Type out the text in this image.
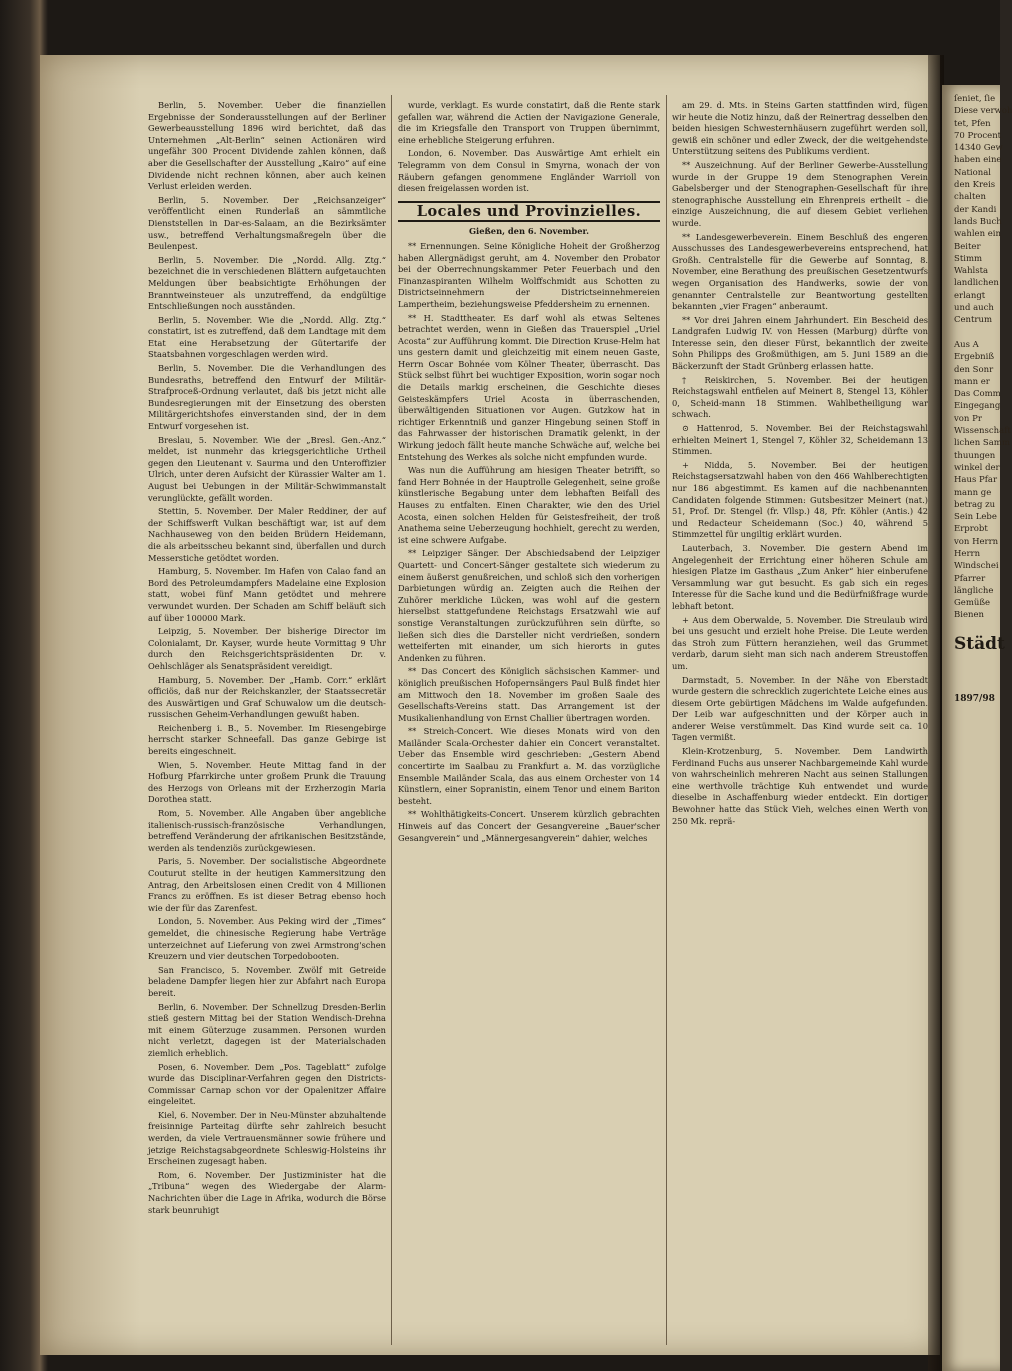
Berlin, 5. November. Ueber die finanziellen Ergebnisse der Sonderausstellungen auf der Berliner Gewerbeausstellung 1896 wird berichtet, daß das Unternehmen „Alt-Berlin“ seinen Actionären wird ungefähr 300 Procent Dividende zahlen können, daß aber die Gesellschafter der Ausstellung „Kairo“ auf eine Dividende nicht rechnen können, aber auch keinen Verlust erleiden werden.

Berlin, 5. November. Der „Reichsanzeiger“ veröffentlicht einen Runderlaß an sämmtliche Dienststellen in Dar-es-Salaam, an die Bezirksämter usw., betreffend Verhaltungsmaßregeln über die Beulenpest.

Berlin, 5. November. Die „Nordd. Allg. Ztg.“ bezeichnet die in verschiedenen Blättern aufgetauchten Meldungen über beabsichtigte Erhöhungen der Branntweinsteuer als unzutreffend, da endgültige Entschließungen noch ausständen.

Berlin, 5. November. Wie die „Nordd. Allg. Ztg.“ constatirt, ist es zutreffend, daß dem Landtage mit dem Etat eine Herabsetzung der Gütertarife der Staatsbahnen vorgeschlagen werden wird.

Berlin, 5. November. Die die Verhandlungen des Bundesraths, betreffend den Entwurf der Militär-Strafproceß-Ordnung verlautet, daß bis jetzt nicht alle Bundesregierungen mit der Einsetzung des obersten Militärgerichtshofes einverstanden sind, der in dem Entwurf vorgesehen ist.

Breslau, 5. November. Wie der „Bresl. Gen.-Anz.“ meldet, ist nunmehr das kriegsgerichtliche Urtheil gegen den Lieutenant v. Saurma und den Unteroffizier Ulrich, unter deren Aufsicht der Kürassier Walter am 1. August bei Uebungen in der Militär-Schwimmanstalt verunglückte, gefällt worden.

Stettin, 5. November. Der Maler Reddiner, der auf der Schiffswerft Vulkan beschäftigt war, ist auf dem Nachhauseweg von den beiden Brüdern Heidemann, die als arbeitsscheu bekannt sind, überfallen und durch Messerstiche getödtet worden.

Hamburg, 5. November. Im Hafen von Calao fand an Bord des Petroleumdampfers Madelaine eine Explosion statt, wobei fünf Mann getödtet und mehrere verwundet wurden. Der Schaden am Schiff beläuft sich auf über 100000 Mark.

Leipzig, 5. November. Der bisherige Director im Colonialamt, Dr. Kayser, wurde heute Vormittag 9 Uhr durch den Reichsgerichtspräsidenten Dr. v. Oehlschläger als Senatspräsident vereidigt.

Hamburg, 5. November. Der „Hamb. Corr.“ erklärt officiös, daß nur der Reichskanzler, der Staatssecretär des Auswärtigen und Graf Schuwalow um die deutsch-russischen Geheim-Verhandlungen gewußt haben.

Reichenberg i. B., 5. November. Im Riesengebirge herrscht starker Schneefall. Das ganze Gebirge ist bereits eingeschneit.

Wien, 5. November. Heute Mittag fand in der Hofburg Pfarrkirche unter großem Prunk die Trauung des Herzogs von Orleans mit der Erzherzogin Maria Dorothea statt.

Rom, 5. November. Alle Angaben über angebliche italienisch-russisch-französische Verhandlungen, betreffend Veränderung der afrikanischen Besitzstände, werden als tendenziös zurückgewiesen.

Paris, 5. November. Der socialistische Abgeordnete Couturut stellte in der heutigen Kammersitzung den Antrag, den Arbeitslosen einen Credit von 4 Millionen Francs zu eröffnen. Es ist dieser Betrag ebenso hoch wie der für das Zarenfest.

London, 5. November. Aus Peking wird der „Times“ gemeldet, die chinesische Regierung habe Verträge unterzeichnet auf Lieferung von zwei Armstrong'schen Kreuzern und vier deutschen Torpedobooten.

San Francisco, 5. November. Zwölf mit Getreide beladene Dampfer liegen hier zur Abfahrt nach Europa bereit.

Berlin, 6. November. Der Schnellzug Dresden-Berlin stieß gestern Mittag bei der Station Wendisch-Drehna mit einem Güterzuge zusammen. Personen wurden nicht verletzt, dagegen ist der Materialschaden ziemlich erheblich.

Posen, 6. November. Dem „Pos. Tageblatt“ zufolge wurde das Disciplinar-Verfahren gegen den Districts-Commissar Carnap schon vor der Opalenitzer Affaire eingeleitet.

Kiel, 6. November. Der in Neu-Münster abzuhaltende freisinnige Parteitag dürfte sehr zahlreich besucht werden, da viele Vertrauensmänner sowie frühere und jetzige Reichstagsabgeordnete Schleswig-Holsteins ihr Erscheinen zugesagt haben.

Rom, 6. November. Der Justizminister hat die „Tribuna“ wegen des Wiedergabe der Alarm-Nachrichten über die Lage in Afrika, wodurch die Börse stark beunruhigt

wurde, verklagt. Es wurde constatirt, daß die Rente stark gefallen war, während die Actien der Navigazione Generale, die im Kriegsfalle den Transport von Truppen übernimmt, eine erhebliche Steigerung erfuhren.

London, 6. November. Das Auswärtige Amt erhielt ein Telegramm von dem Consul in Smyrna, wonach der von Räubern gefangen genommene Engländer Warrioll von diesen freigelassen worden ist.

Locales und Provinzielles.
Gießen, den 6. November.

** Ernennungen. Seine Königliche Hoheit der Großherzog haben Allergnädigst geruht, am 4. November den Probator bei der Oberrechnungskammer Peter Feuerbach und den Finanzaspiranten Wilhelm Wolffschmidt aus Schotten zu Districtseinnehmern der Districtseinnehmereien Lampertheim, beziehungsweise Pfeddersheim zu ernennen.

** H. Stadttheater. Es darf wohl als etwas Seltenes betrachtet werden, wenn in Gießen das Trauerspiel „Uriel Acosta“ zur Aufführung kommt. Die Direction Kruse-Helm hat uns gestern damit und gleichzeitig mit einem neuen Gaste, Herrn Oscar Bohnée vom Kölner Theater, überrascht. Das Stück selbst führt bei wuchtiger Exposition, worin sogar noch die Details markig erscheinen, die Geschichte dieses Geisteskämpfers Uriel Acosta in überraschenden, überwältigenden Situationen vor Augen. Gutzkow hat in richtiger Erkenntniß und ganzer Hingebung seinen Stoff in das Fahrwasser der historischen Dramatik gelenkt, in der Wirkung jedoch fällt heute manche Schwäche auf, welche bei Entstehung des Werkes als solche nicht empfunden wurde.

Was nun die Aufführung am hiesigen Theater betrifft, so fand Herr Bohnée in der Hauptrolle Gelegenheit, seine große künstlerische Begabung unter dem lebhaften Beifall des Hauses zu entfalten. Einen Charakter, wie den des Uriel Acosta, einen solchen Helden für Geistesfreiheit, der troß Anathema seine Ueberzeugung hochhielt, gerecht zu werden, ist eine schwere Aufgabe.

** Leipziger Sänger. Der Abschiedsabend der Leipziger Quartett- und Concert-Sänger gestaltete sich wiederum zu einem äußerst genußreichen, und schloß sich den vorherigen Darbietungen würdig an. Zeigten auch die Reihen der Zuhörer merkliche Lücken, was wohl auf die gestern hierselbst stattgefundene Reichstags Ersatzwahl wie auf sonstige Veranstaltungen zurückzuführen sein dürfte, so ließen sich dies die Darsteller nicht verdrießen, sondern wetteiferten mit einander, um sich hierorts in gutes Andenken zu führen.

** Das Concert des Königlich sächsischen Kammer- und königlich preußischen Hofopernsängers Paul Bulß findet hier am Mittwoch den 18. November im großen Saale des Gesellschafts-Vereins statt. Das Arrangement ist der Musikalienhandlung von Ernst Challier übertragen worden.

** Streich-Concert. Wie dieses Monats wird von den Mailänder Scala-Orchester dahier ein Concert veranstaltet. Ueber das Ensemble wird geschrieben: „Gestern Abend concertirte im Saalbau zu Frankfurt a. M. das vorzügliche Ensemble Mailänder Scala, das aus einem Orchester von 14 Künstlern, einer Sopranistin, einem Tenor und einem Bariton besteht.

** Wohlthätigkeits-Concert. Unserem kürzlich gebrachten Hinweis auf das Concert der Gesangvereine „Bauer'scher Gesangverein“ und „Männergesangverein“ dahier, welches

am 29. d. Mts. in Steins Garten stattfinden wird, fügen wir heute die Notiz hinzu, daß der Reinertrag desselben den beiden hiesigen Schwesternhäusern zugeführt werden soll, gewiß ein schöner und edler Zweck, der die weitgehendste Unterstützung seitens des Publikums verdient.

** Auszeichnung. Auf der Berliner Gewerbe-Ausstellung wurde in der Gruppe 19 dem Stenographen Verein Gabelsberger und der Stenographen-Gesellschaft für ihre stenographische Ausstellung ein Ehrenpreis ertheilt – die einzige Auszeichnung, die auf diesem Gebiet verliehen wurde.

** Landesgewerbeverein. Einem Beschluß des engeren Ausschusses des Landesgewerbevereins entsprechend, hat Großh. Centralstelle für die Gewerbe auf Sonntag, 8. November, eine Berathung des preußischen Gesetzentwurfs wegen Organisation des Handwerks, sowie der von genannter Centralstelle zur Beantwortung gestellten bekannten „vier Fragen“ anberaumt.

** Vor drei Jahren einem Jahrhundert. Ein Bescheid des Landgrafen Ludwig IV. von Hessen (Marburg) dürfte von Interesse sein, den dieser Fürst, bekanntlich der zweite Sohn Philipps des Großmüthigen, am 5. Juni 1589 an die Bäckerzunft der Stadt Grünberg erlassen hatte.

† Reiskirchen, 5. November. Bei der heutigen Reichstagswahl entfielen auf Meinert 8, Stengel 13, Köhler 0, Scheid-mann 18 Stimmen. Wahlbetheiligung war schwach.

⊙ Hattenrod, 5. November. Bei der Reichstagswahl erhielten Meinert 1, Stengel 7, Köhler 32, Scheidemann 13 Stimmen.

+ Nidda, 5. November. Bei der heutigen Reichstagsersatzwahl haben von den 466 Wahlberechtigten nur 186 abgestimmt. Es kamen auf die nachbenannten Candidaten folgende Stimmen: Gutsbesitzer Meinert (nat.) 51, Prof. Dr. Stengel (fr. Vllsp.) 48, Pfr. Köhler (Antis.) 42 und Redacteur Scheidemann (Soc.) 40, während 5 Stimmzettel für ungiltig erklärt wurden.

Lauterbach, 3. November. Die gestern Abend im Angelegenheit der Errichtung einer höheren Schule am hiesigen Platze im Gasthaus „Zum Anker“ hier einberufene Versammlung war gut besucht. Es gab sich ein reges Interesse für die Sache kund und die Bedürfnißfrage wurde lebhaft betont.

+ Aus dem Oberwalde, 5. November. Die Streulaub wird bei uns gesucht und erzielt hohe Preise. Die Leute werden das Stroh zum Füttern heranziehen, weil das Grummet verdarb, darum sieht man sich nach anderem Streustoffen um.

Darmstadt, 5. November. In der Nähe von Eberstadt wurde gestern die schrecklich zugerichtete Leiche eines aus diesem Orte gebürtigen Mädchens im Walde aufgefunden. Der Leib war aufgeschnitten und der Körper auch in anderer Weise verstümmelt. Das Kind wurde seit ca. 10 Tagen vermißt.

Klein-Krotzenburg, 5. November. Dem Landwirth Ferdinand Fuchs aus unserer Nachbargemeinde Kahl wurde von wahrscheinlich mehreren Nacht aus seinen Stallungen eine werthvolle trächtige Kuh entwendet und wurde dieselbe in Aschaffenburg wieder entdeckt. Ein dortiger Bewohner hatte das Stück Vieh, welches einen Werth von 250 Mk. reprä-

ſeniet, ſie
Diese verwoh
tet, Pfen
70 Procent
14340 Gew
haben eine
National
den Kreis
chalten
der Kandi
lands Buch
wahlen ein
Beiter
Stimm
Wahlsta
landlichen
erlangt
und auch
Centrum

Aus A
Ergebniß
den Sonr
mann er
Das Comm
Eingegang
von Pr
Wissenschaft
lichen Samm
thuungen
winkel der
Haus Pfar
mann ge
betrag zu
Sein Lebe
Erprobt
von Herrn
Herrn
Windschei
Pfarrer
längliche
Gemüße
Bienen
Städt
1897/98
